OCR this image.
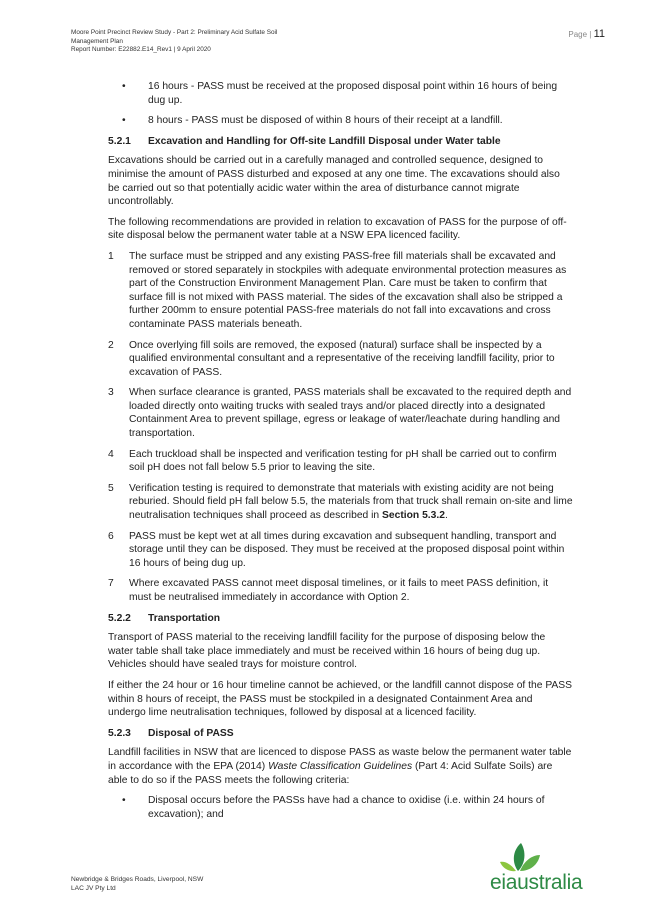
Moore Point Precinct Review Study - Part 2: Preliminary Acid Sulfate Soil
Management Plan
Report Number: E22882.E14_Rev1 | 9 April 2020
Page | 11
• 16 hours - PASS must be received at the proposed disposal point within 16 hours of being dug up.
• 8 hours - PASS must be disposed of within 8 hours of their receipt at a landfill.
5.2.1 Excavation and Handling for Off-site Landfill Disposal under Water table

Excavations should be carried out in a carefully managed and controlled sequence, designed to minimise the amount of PASS disturbed and exposed at any one time. The excavations should also be carried out so that potentially acidic water within the area of disturbance cannot migrate uncontrollably.

The following recommendations are provided in relation to excavation of PASS for the purpose of off-site disposal below the permanent water table at a NSW EPA licenced facility.

1 The surface must be stripped and any existing PASS-free fill materials shall be excavated and removed or stored separately in stockpiles with adequate environmental protection measures as part of the Construction Environment Management Plan. Care must be taken to confirm that surface fill is not mixed with PASS material. The sides of the excavation shall also be stripped a further 200mm to ensure potential PASS-free materials do not fall into excavations and cross contaminate PASS materials beneath.
2 Once overlying fill soils are removed, the exposed (natural) surface shall be inspected by a qualified environmental consultant and a representative of the receiving landfill facility, prior to excavation of PASS.
3 When surface clearance is granted, PASS materials shall be excavated to the required depth and loaded directly onto waiting trucks with sealed trays and/or placed directly into a designated Containment Area to prevent spillage, egress or leakage of water/leachate during handling and transportation.
4 Each truckload shall be inspected and verification testing for pH shall be carried out to confirm soil pH does not fall below 5.5 prior to leaving the site.
5 Verification testing is required to demonstrate that materials with existing acidity are not being reburied. Should field pH fall below 5.5, the materials from that truck shall remain on-site and lime neutralisation techniques shall proceed as described in Section 5.3.2.
6 PASS must be kept wet at all times during excavation and subsequent handling, transport and storage until they can be disposed. They must be received at the proposed disposal point within 16 hours of being dug up.
7 Where excavated PASS cannot meet disposal timelines, or it fails to meet PASS definition, it must be neutralised immediately in accordance with Option 2.
5.2.2 Transportation

Transport of PASS material to the receiving landfill facility for the purpose of disposing below the water table shall take place immediately and must be received within 16 hours of being dug up. Vehicles should have sealed trays for moisture control.

If either the 24 hour or 16 hour timeline cannot be achieved, or the landfill cannot dispose of the PASS within 8 hours of receipt, the PASS must be stockpiled in a designated Containment Area and undergo lime neutralisation techniques, followed by disposal at a licenced facility.

5.2.3 Disposal of PASS

Landfill facilities in NSW that are licenced to dispose PASS as waste below the permanent water table in accordance with the EPA (2014) Waste Classification Guidelines (Part 4: Acid Sulfate Soils) are able to do so if the PASS meets the following criteria:

• Disposal occurs before the PASSs have had a chance to oxidise (i.e. within 24 hours of excavation); and
Newbridge & Bridges Roads, Liverpool, NSW
LAC JV Pty Ltd	eiaustralia
